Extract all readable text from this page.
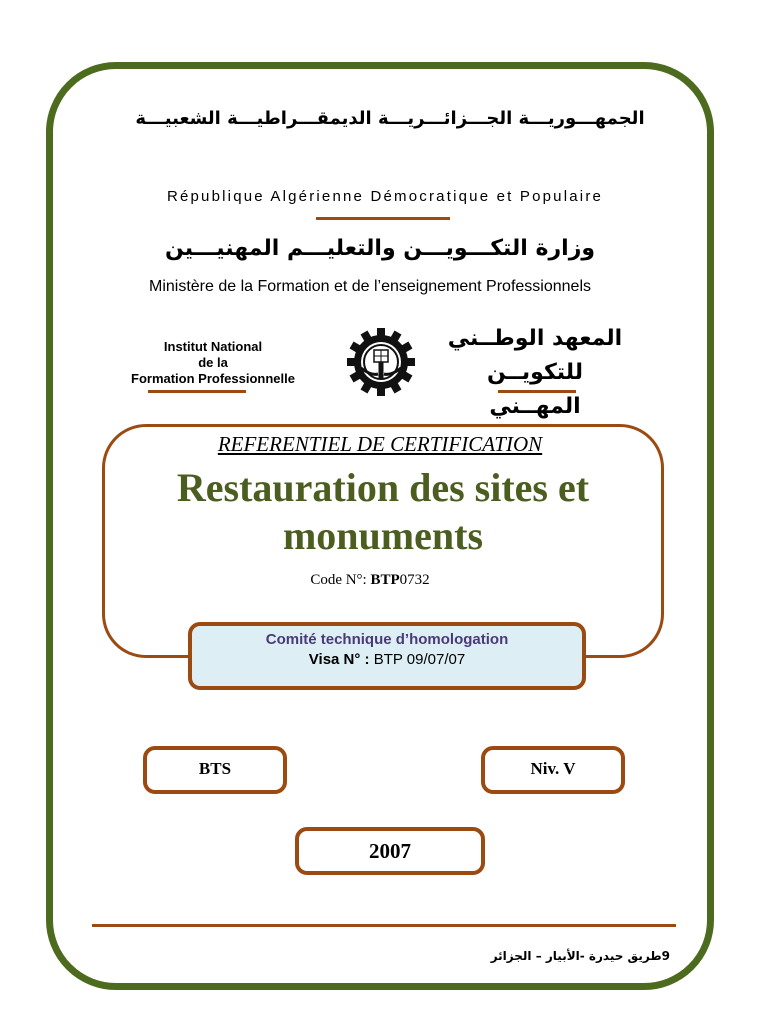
الجمهـــوريـــة الجـــزائـــريـــة الديمقـــراطيـــة الشعبيـــة
République Algérienne Démocratique et Populaire
وزارة التكـــويـــن والتعليـــم المهنيـــين
Ministère de la Formation et de l’enseignement Professionnels
Institut National
de la
Formation Professionnelle
المعهد الوطــني
للتكويــن المهــني
REFERENTIEL DE CERTIFICATION
Restauration des sites et
monuments
Code N°: BTP0732
Comité technique d’homologation
Visa N° : BTP 09/07/07
BTS	Niv. V
2007
9طريق حيدرة -الأبيار – الجزائر
